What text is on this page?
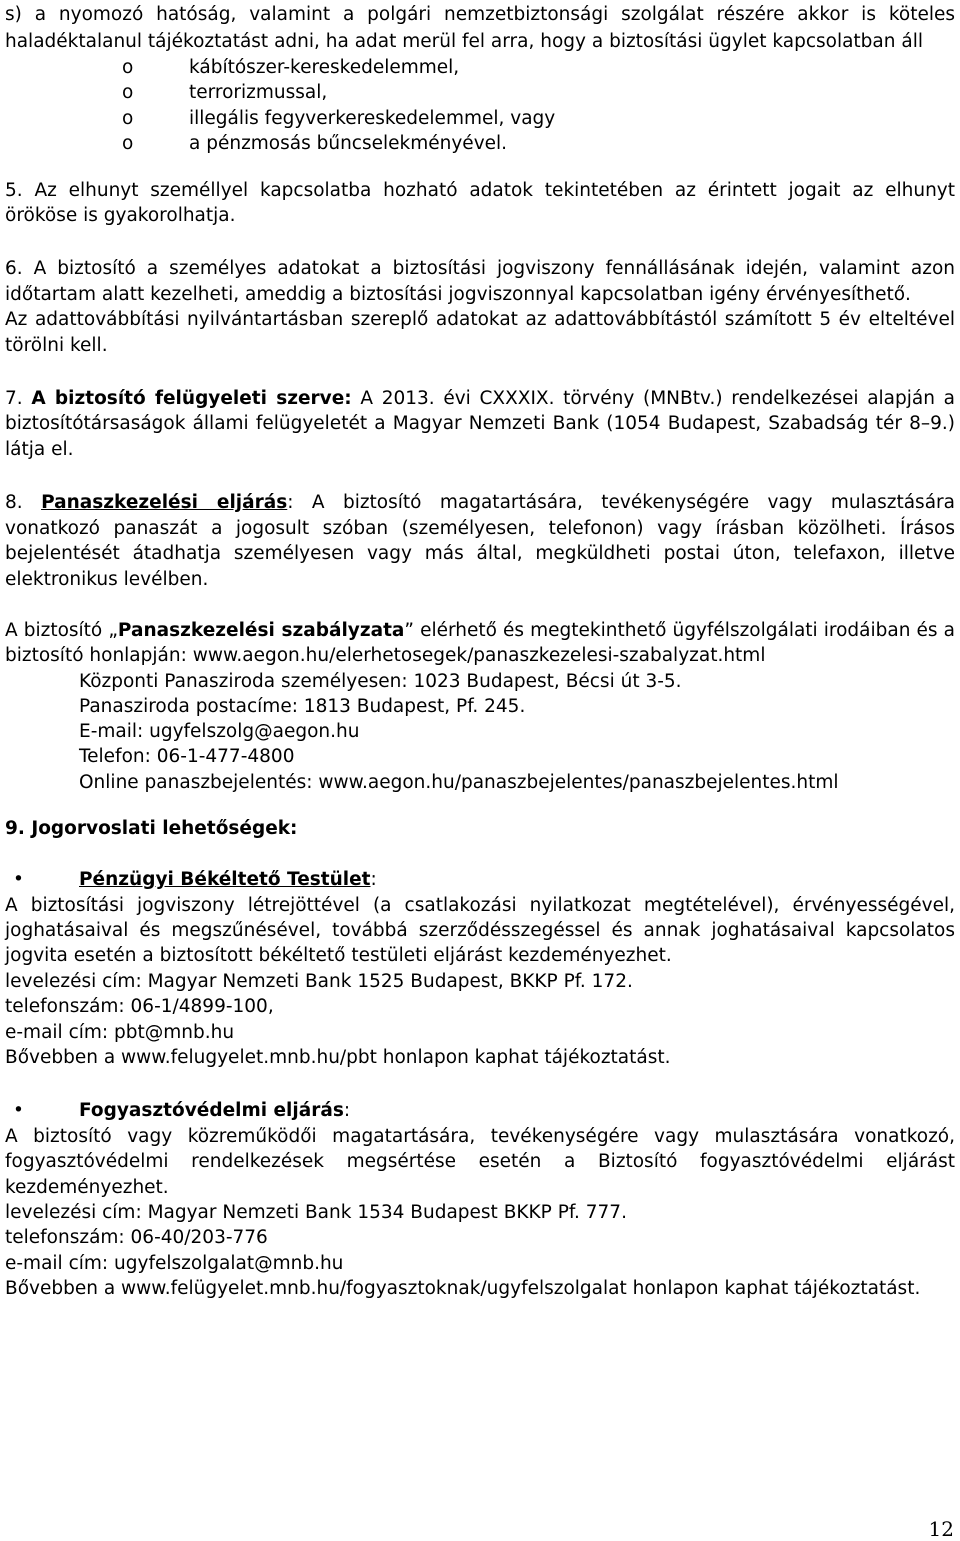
s) a nyomozó hatóság, valamint a polgári nemzetbiztonsági szolgálat részére akkor is köteles haladéktalanul tájékoztatást adni, ha adat merül fel arra, hogy a biztosítási ügylet kapcsolatban áll

o	kábítószer-kereskedelemmel,
o	terrorizmussal,
o	illegális fegyverkereskedelemmel, vagy
o	a pénzmosás bűncselekményével.

5. Az elhunyt személlyel kapcsolatba hozható adatok tekintetében az érintett jogait az elhunyt örököse is gyakorolhatja.

6. A biztosító a személyes adatokat a biztosítási jogviszony fennállásának idején, valamint azon időtartam alatt kezelheti, ameddig a biztosítási jogviszonnyal kapcsolatban igény érvényesíthető.

Az adattovábbítási nyilvántartásban szereplő adatokat az adattovábbítástól számított 5 év elteltével törölni kell.

7. A biztosító felügyeleti szerve: A 2013. évi CXXXIX. törvény (MNBtv.) rendelkezései alapján a biztosítótársaságok állami felügyeletét a Magyar Nemzeti Bank (1054 Budapest, Szabadság tér 8–9.) látja el.

8. Panaszkezelési eljárás: A biztosító magatartására, tevékenységére vagy mulasztására vonatkozó panaszát a jogosult szóban (személyesen, telefonon) vagy írásban közölheti. Írásos bejelentését átadhatja személyesen vagy más által, megküldheti postai úton, telefaxon, illetve elektronikus levélben.

A biztosító „Panaszkezelési szabályzata” elérhető és megtekinthető ügyfélszolgálati irodáiban és a biztosító honlapján: www.aegon.hu/elerhetosegek/panaszkezelesi-szabalyzat.html

Központi Panasziroda személyesen: 1023 Budapest, Bécsi út 3-5.

Panasziroda postacíme: 1813 Budapest, Pf. 245.

E-mail: ugyfelszolg@aegon.hu

Telefon: 06-1-477-4800

Online panaszbejelentés: www.aegon.hu/panaszbejelentes/panaszbejelentes.html

9. Jogorvoslati lehetőségek:

•	Pénzügyi Békéltető Testület:

A biztosítási jogviszony létrejöttével (a csatlakozási nyilatkozat megtételével), érvényességével, joghatásaival és megszűnésével, továbbá szerződésszegéssel és annak joghatásaival kapcsolatos jogvita esetén a biztosított békéltető testületi eljárást kezdeményezhet.

levelezési cím: Magyar Nemzeti Bank 1525 Budapest, BKKP Pf. 172.

telefonszám: 06-1/4899-100,

e-mail cím: pbt@mnb.hu

Bővebben a www.felugyelet.mnb.hu/pbt honlapon kaphat tájékoztatást.

•	Fogyasztóvédelmi eljárás:

A biztosító vagy közreműködői magatartására, tevékenységére vagy mulasztására vonatkozó, fogyasztóvédelmi rendelkezések megsértése esetén a Biztosító fogyasztóvédelmi eljárást kezdeményezhet.

levelezési cím: Magyar Nemzeti Bank 1534 Budapest BKKP Pf. 777.

telefonszám: 06-40/203-776

e-mail cím: ugyfelszolgalat@mnb.hu

Bővebben a www.felügyelet.mnb.hu/fogyasztoknak/ugyfelszolgalat honlapon kaphat tájékoztatást.

12
